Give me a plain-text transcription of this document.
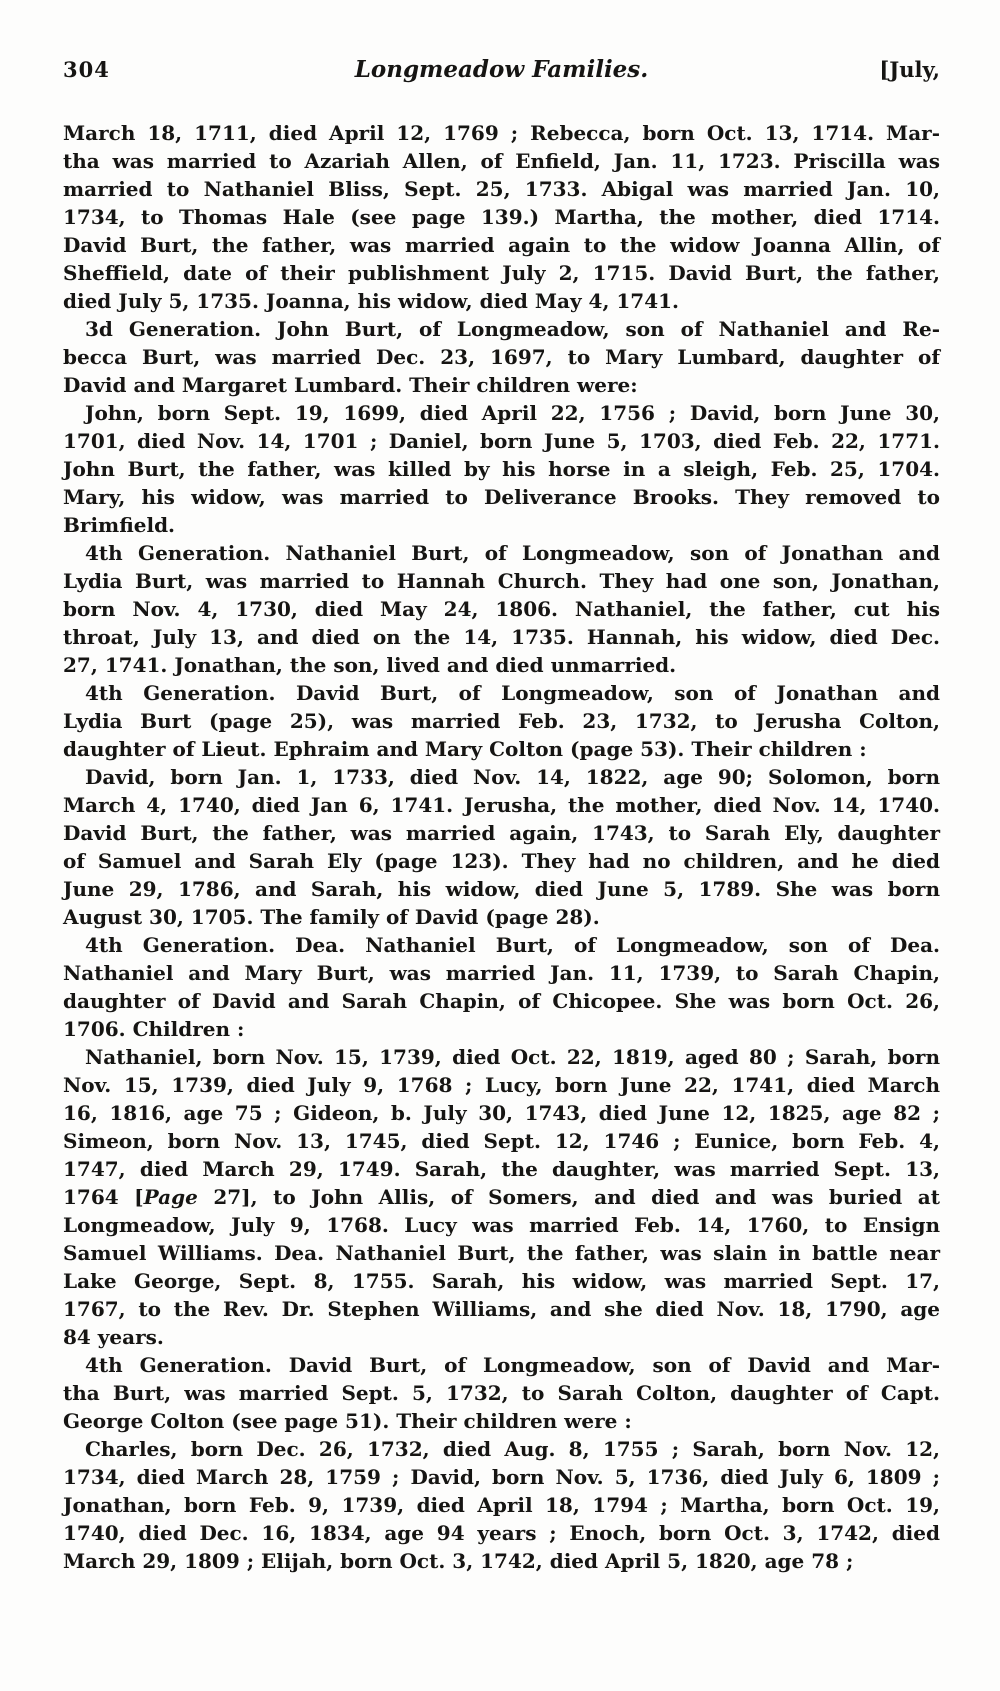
304	Longmeadow Families.	[July,
March 18, 1711, died April 12, 1769 ; Rebecca, born Oct. 13, 1714. Mar-
tha was married to Azariah Allen, of Enfield, Jan. 11, 1723. Priscilla was
married to Nathaniel Bliss, Sept. 25, 1733. Abigal was married Jan. 10,
1734, to Thomas Hale (see page 139.) Martha, the mother, died 1714.
David Burt, the father, was married again to the widow Joanna Allin, of
Sheffield, date of their publishment July 2, 1715. David Burt, the father,
died July 5, 1735. Joanna, his widow, died May 4, 1741.
3d Generation. John Burt, of Longmeadow, son of Nathaniel and Re-
becca Burt, was married Dec. 23, 1697, to Mary Lumbard, daughter of
David and Margaret Lumbard. Their children were:
John, born Sept. 19, 1699, died April 22, 1756 ; David, born June 30,
1701, died Nov. 14, 1701 ; Daniel, born June 5, 1703, died Feb. 22, 1771.
John Burt, the father, was killed by his horse in a sleigh, Feb. 25, 1704.
Mary, his widow, was married to Deliverance Brooks. They removed to
Brimfield.
4th Generation. Nathaniel Burt, of Longmeadow, son of Jonathan and
Lydia Burt, was married to Hannah Church. They had one son, Jonathan,
born Nov. 4, 1730, died May 24, 1806. Nathaniel, the father, cut his
throat, July 13, and died on the 14, 1735. Hannah, his widow, died Dec.
27, 1741. Jonathan, the son, lived and died unmarried.
4th Generation. David Burt, of Longmeadow, son of Jonathan and
Lydia Burt (page 25), was married Feb. 23, 1732, to Jerusha Colton,
daughter of Lieut. Ephraim and Mary Colton (page 53). Their children :
David, born Jan. 1, 1733, died Nov. 14, 1822, age 90; Solomon, born
March 4, 1740, died Jan 6, 1741. Jerusha, the mother, died Nov. 14, 1740.
David Burt, the father, was married again, 1743, to Sarah Ely, daughter
of Samuel and Sarah Ely (page 123). They had no children, and he died
June 29, 1786, and Sarah, his widow, died June 5, 1789. She was born
August 30, 1705. The family of David (page 28).
4th Generation. Dea. Nathaniel Burt, of Longmeadow, son of Dea.
Nathaniel and Mary Burt, was married Jan. 11, 1739, to Sarah Chapin,
daughter of David and Sarah Chapin, of Chicopee. She was born Oct. 26,
1706. Children :
Nathaniel, born Nov. 15, 1739, died Oct. 22, 1819, aged 80 ; Sarah, born
Nov. 15, 1739, died July 9, 1768 ; Lucy, born June 22, 1741, died March
16, 1816, age 75 ; Gideon, b. July 30, 1743, died June 12, 1825, age 82 ;
Simeon, born Nov. 13, 1745, died Sept. 12, 1746 ; Eunice, born Feb. 4,
1747, died March 29, 1749. Sarah, the daughter, was married Sept. 13,
1764 [Page 27], to John Allis, of Somers, and died and was buried at
Longmeadow, July 9, 1768. Lucy was married Feb. 14, 1760, to Ensign
Samuel Williams. Dea. Nathaniel Burt, the father, was slain in battle near
Lake George, Sept. 8, 1755. Sarah, his widow, was married Sept. 17,
1767, to the Rev. Dr. Stephen Williams, and she died Nov. 18, 1790, age
84 years.
4th Generation. David Burt, of Longmeadow, son of David and Mar-
tha Burt, was married Sept. 5, 1732, to Sarah Colton, daughter of Capt.
George Colton (see page 51). Their children were :
Charles, born Dec. 26, 1732, died Aug. 8, 1755 ; Sarah, born Nov. 12,
1734, died March 28, 1759 ; David, born Nov. 5, 1736, died July 6, 1809 ;
Jonathan, born Feb. 9, 1739, died April 18, 1794 ; Martha, born Oct. 19,
1740, died Dec. 16, 1834, age 94 years ; Enoch, born Oct. 3, 1742, died
March 29, 1809 ; Elijah, born Oct. 3, 1742, died April 5, 1820, age 78 ;
